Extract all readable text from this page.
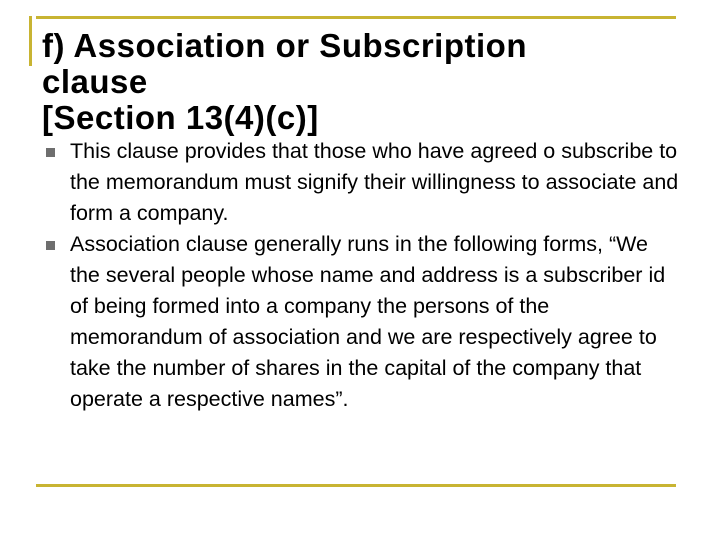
f) Association or Subscription
clause
[Section 13(4)(c)]
This clause provides that those who have agreed o subscribe to the memorandum must signify their willingness to associate and form a company.
Association clause generally runs in the following forms, “We the several people whose name and address is a subscriber id of being formed into a company the persons of the memorandum of association and we are respectively agree to take the number of shares in the capital of the company that operate a respective names”.
